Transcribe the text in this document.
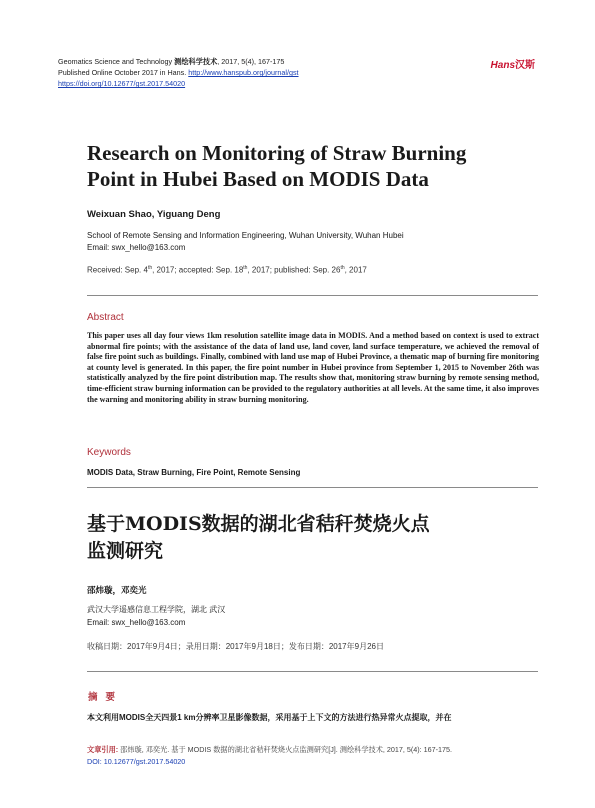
Geomatics Science and Technology 测绘科学技术, 2017, 5(4), 167-175
Published Online October 2017 in Hans. http://www.hanspub.org/journal/gst
https://doi.org/10.12677/gst.2017.54020
Hans汉斯
Research on Monitoring of Straw Burning
Point in Hubei Based on MODIS Data
Weixuan Shao, Yiguang Deng
School of Remote Sensing and Information Engineering, Wuhan University, Wuhan Hubei
Email: swx_hello@163.com
Received: Sep. 4th, 2017; accepted: Sep. 18th, 2017; published: Sep. 26th, 2017
Abstract
This paper uses all day four views 1km resolution satellite image data in MODIS. And a method based on context is used to extract abnormal fire points; with the assistance of the data of land use, land cover, land surface temperature, we achieved the removal of false fire point such as buildings. Finally, combined with land use map of Hubei Province, a thematic map of burning fire monitoring at county level is generated. In this paper, the fire point number in Hubei province from September 1, 2015 to November 26th was statistically analyzed by the fire point distribution map. The results show that, monitoring straw burning by remote sensing method, time-efficient straw burning information can be provided to the regulatory authorities at all levels. At the same time, it also improves the warning and monitoring ability in straw burning monitoring.
Keywords
MODIS Data, Straw Burning, Fire Point, Remote Sensing
基于MODIS数据的湖北省秸秆焚烧火点
监测研究
邵炜璇，邓奕光
武汉大学遥感信息工程学院，湖北 武汉
Email: swx_hello@163.com
收稿日期：2017年9月4日；录用日期：2017年9月18日；发布日期：2017年9月26日
摘要
本文利用MODIS全天四景1 km分辨率卫星影像数据，采用基于上下文的方法进行热异常火点提取，并在
文章引用: 邵炜璇, 邓奕光. 基于 MODIS 数据的湖北省秸秆焚烧火点监测研究[J]. 测绘科学技术, 2017, 5(4): 167-175.
DOI: 10.12677/gst.2017.54020
